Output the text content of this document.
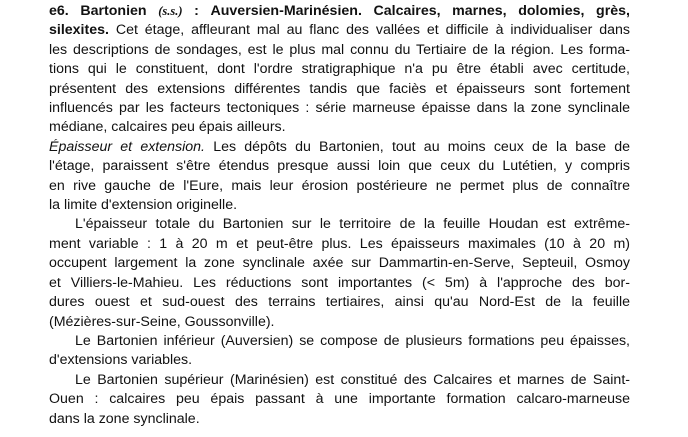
e6. Bartonien (s.s.) : Auversien-Marinésien. Calcaires, marnes, dolomies, grès,
silexites. Cet étage, affleurant mal au flanc des vallées et difficile à individualiser dans
les descriptions de sondages, est le plus mal connu du Tertiaire de la région. Les forma-
tions qui le constituent, dont l'ordre stratigraphique n'a pu être établi avec certitude,
présentent des extensions différentes tandis que faciès et épaisseurs sont fortement
influencés par les facteurs tectoniques : série marneuse épaisse dans la zone synclinale
médiane, calcaires peu épais ailleurs.
Épaisseur et extension. Les dépôts du Bartonien, tout au moins ceux de la base de
l'étage, paraissent s'être étendus presque aussi loin que ceux du Lutétien, y compris
en rive gauche de l'Eure, mais leur érosion postérieure ne permet plus de connaître
la limite d'extension originelle.
L'épaisseur totale du Bartonien sur le territoire de la feuille Houdan est extrême-
ment variable : 1 à 20 m et peut-être plus. Les épaisseurs maximales (10 à 20 m)
occupent largement la zone synclinale axée sur Dammartin-en-Serve, Septeuil, Osmoy
et Villiers-le-Mahieu. Les réductions sont importantes (< 5m) à l'approche des bor-
dures ouest et sud-ouest des terrains tertiaires, ainsi qu'au Nord-Est de la feuille
(Mézières-sur-Seine, Goussonville).
Le Bartonien inférieur (Auversien) se compose de plusieurs formations peu épaisses,
d'extensions variables.
Le Bartonien supérieur (Marinésien) est constitué des Calcaires et marnes de Saint-
Ouen : calcaires peu épais passant à une importante formation calcaro-marneuse
dans la zone synclinale.
